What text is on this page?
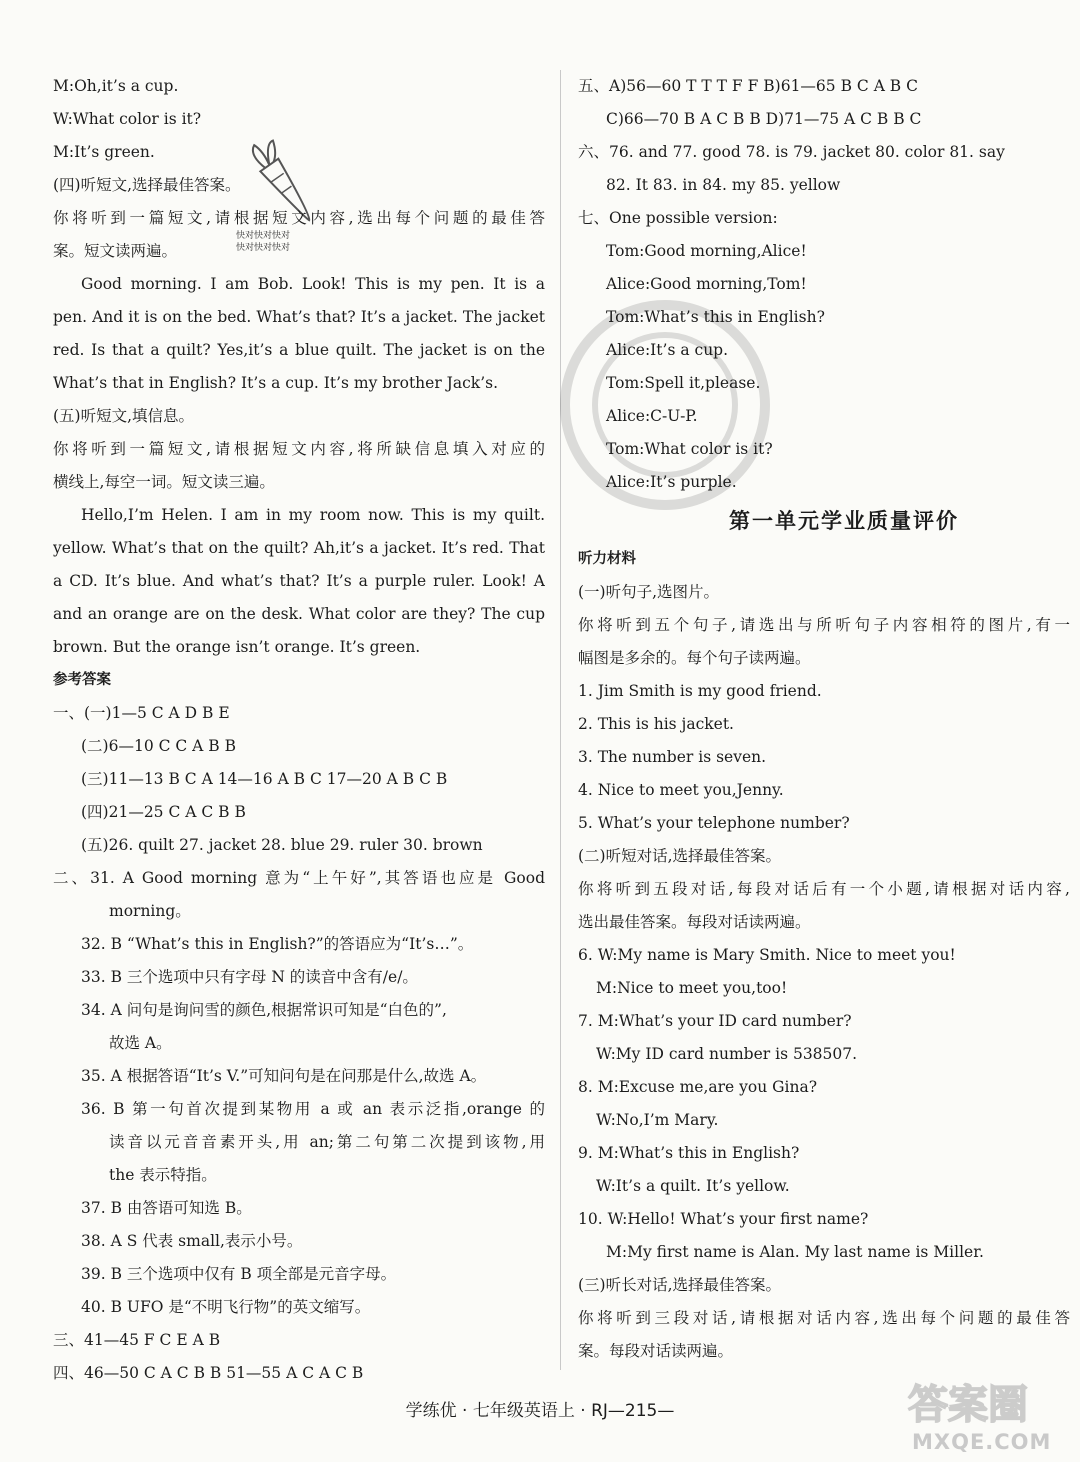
快对快对快对
快对快对快对
M:Oh,it’s a cup.
W:What color is it?
M:It’s green.
(四)听短文,选择最佳答案。
你将听到一篇短文,请根据短文内容,选出每个问题的最佳答
案。短文读两遍。
Good morning. I am Bob. Look! This is my pen. It is a
pen. And it is on the bed. What’s that? It’s a jacket. The jacket
red. Is that a quilt? Yes,it’s a blue quilt. The jacket is on the
What’s that in English? It’s a cup. It’s my brother Jack’s.
(五)听短文,填信息。
你将听到一篇短文,请根据短文内容,将所缺信息填入对应的
横线上,每空一词。短文读三遍。
Hello,I’m Helen. I am in my room now. This is my quilt.
yellow. What’s that on the quilt? Ah,it’s a jacket. It’s red. That
a CD. It’s blue. And what’s that? It’s a purple ruler. Look! A
and an orange are on the desk. What color are they? The cup
brown. But the orange isn’t orange. It’s green.
参考答案
一、(一)1—5 C A D B E
(二)6—10 C C A B B
(三)11—13 B C A 14—16 A B C 17—20 A B C B
(四)21—25 C A C B B
(五)26. quilt 27. jacket 28. blue 29. ruler 30. brown
二、31. A Good morning 意为“上午好”,其答语也应是 Good
morning。
32. B “What’s this in English?”的答语应为“It’s…”。
33. B 三个选项中只有字母 N 的读音中含有/e/。
34. A 问句是询问雪的颜色,根据常识可知是“白色的”,
故选 A。
35. A 根据答语“It’s V.”可知问句是在问那是什么,故选 A。
36. B 第一句首次提到某物用 a 或 an 表示泛指,orange 的
读音以元音音素开头,用 an;第二句第二次提到该物,用
the 表示特指。
37. B 由答语可知选 B。
38. A S 代表 small,表示小号。
39. B 三个选项中仅有 B 项全部是元音字母。
40. B UFO 是“不明飞行物”的英文缩写。
三、41—45 F C E A B
四、46—50 C A C B B 51—55 A C A C B
五、A)56—60 T T T F F B)61—65 B C A B C
C)66—70 B A C B B D)71—75 A C B B C
六、76. and 77. good 78. is 79. jacket 80. color 81. say
82. It 83. in 84. my 85. yellow
七、One possible version:
Tom:Good morning,Alice!
Alice:Good morning,Tom!
Tom:What’s this in English?
Alice:It’s a cup.
Tom:Spell it,please.
Alice:C-U-P.
Tom:What color is it?
Alice:It’s purple.
第一单元学业质量评价
听力材料
(一)听句子,选图片。
你将听到五个句子,请选出与所听句子内容相符的图片,有一
幅图是多余的。每个句子读两遍。
1. Jim Smith is my good friend.
2. This is his jacket.
3. The number is seven.
4. Nice to meet you,Jenny.
5. What’s your telephone number?
(二)听短对话,选择最佳答案。
你将听到五段对话,每段对话后有一个小题,请根据对话内容,
选出最佳答案。每段对话读两遍。
6. W:My name is Mary Smith. Nice to meet you!
M:Nice to meet you,too!
7. M:What’s your ID card number?
W:My ID card number is 538507.
8. M:Excuse me,are you Gina?
W:No,I’m Mary.
9. M:What’s this in English?
W:It’s a quilt. It’s yellow.
10. W:Hello! What’s your first name?
M:My first name is Alan. My last name is Miller.
(三)听长对话,选择最佳答案。
你将听到三段对话,请根据对话内容,选出每个问题的最佳答
案。每段对话读两遍。
学练优 · 七年级英语上 · RJ—215—	答案圈
MXQE.COM
